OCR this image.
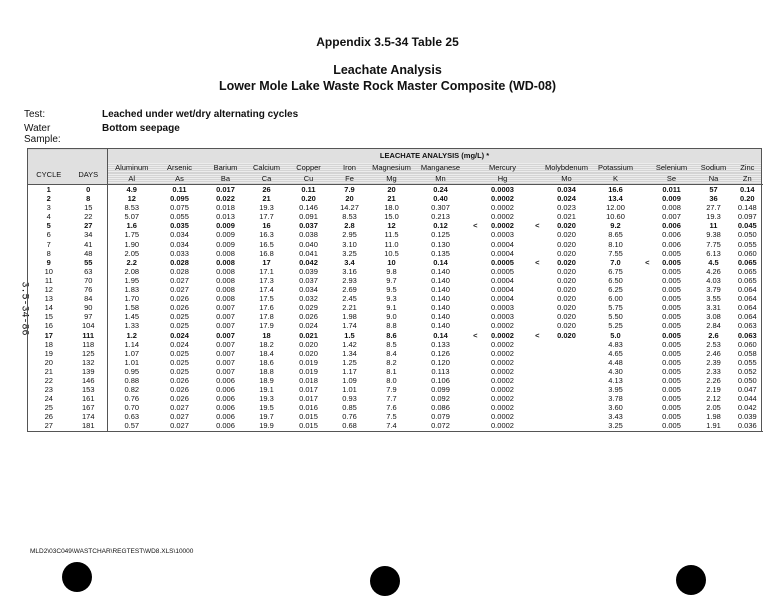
Appendix 3.5-34 Table 25
Leachate Analysis
Lower Mole Lake Waste Rock Master Composite (WD-08)
Test:	Leached under wet/dry alternating cycles
Water Sample:
Bottom seepage
3.5-34-86
CYCLE	DAYS	LEACHATE ANALYSIS (mg/L) *																
		Aluminum	Arsenic	Barium	Calcium	Copper	Iron	Magnesium	Manganese		Mercury		Molybdenum	Potassium		Selenium	Sodium	Zinc
		Al	As	Ba	Ca	Cu	Fe	Mg	Mn		Hg		Mo	K		Se	Na	Zn
1	0	4.9	0.11	0.017	26	0.11	7.9	20	0.24		0.0003		0.034	16.6		0.011	57	0.14
2	8	12	0.095	0.022	21	0.20	20	21	0.40		0.0002		0.024	13.4		0.009	36	0.20
3	15	8.53	0.075	0.018	19.3	0.146	14.27	18.0	0.307		0.0002		0.023	12.00		0.008	27.7	0.148
4	22	5.07	0.055	0.013	17.7	0.091	8.53	15.0	0.213		0.0002		0.021	10.60		0.007	19.3	0.097
5	27	1.6	0.035	0.009	16	0.037	2.8	12	0.12	<	0.0002	<	0.020	9.2		0.006	11	0.045
6	34	1.75	0.034	0.009	16.3	0.038	2.95	11.5	0.125		0.0003		0.020	8.65		0.006	9.38	0.050
7	41	1.90	0.034	0.009	16.5	0.040	3.10	11.0	0.130		0.0004		0.020	8.10		0.006	7.75	0.055
8	48	2.05	0.033	0.008	16.8	0.041	3.25	10.5	0.135		0.0004		0.020	7.55		0.005	6.13	0.060
9	55	2.2	0.028	0.008	17	0.042	3.4	10	0.14		0.0005	<	0.020	7.0	<	0.005	4.5	0.065
10	63	2.08	0.028	0.008	17.1	0.039	3.16	9.8	0.140		0.0005		0.020	6.75		0.005	4.26	0.065
11	70	1.95	0.027	0.008	17.3	0.037	2.93	9.7	0.140		0.0004		0.020	6.50		0.005	4.03	0.065
12	76	1.83	0.027	0.008	17.4	0.034	2.69	9.5	0.140		0.0004		0.020	6.25		0.005	3.79	0.064
13	84	1.70	0.026	0.008	17.5	0.032	2.45	9.3	0.140		0.0004		0.020	6.00		0.005	3.55	0.064
14	90	1.58	0.026	0.007	17.6	0.029	2.21	9.1	0.140		0.0003		0.020	5.75		0.005	3.31	0.064
15	97	1.45	0.025	0.007	17.8	0.026	1.98	9.0	0.140		0.0003		0.020	5.50		0.005	3.08	0.064
16	104	1.33	0.025	0.007	17.9	0.024	1.74	8.8	0.140		0.0002		0.020	5.25		0.005	2.84	0.063
17	111	1.2	0.024	0.007	18	0.021	1.5	8.6	0.14	<	0.0002	<	0.020	5.0		0.005	2.6	0.063
18	118	1.14	0.024	0.007	18.2	0.020	1.42	8.5	0.133		0.0002			4.83		0.005	2.53	0.060
19	125	1.07	0.025	0.007	18.4	0.020	1.34	8.4	0.126		0.0002			4.65		0.005	2.46	0.058
20	132	1.01	0.025	0.007	18.6	0.019	1.25	8.2	0.120		0.0002			4.48		0.005	2.39	0.055
21	139	0.95	0.025	0.007	18.8	0.019	1.17	8.1	0.113		0.0002			4.30		0.005	2.33	0.052
22	146	0.88	0.026	0.006	18.9	0.018	1.09	8.0	0.106		0.0002			4.13		0.005	2.26	0.050
23	153	0.82	0.026	0.006	19.1	0.017	1.01	7.9	0.099		0.0002			3.95		0.005	2.19	0.047
24	161	0.76	0.026	0.006	19.3	0.017	0.93	7.7	0.092		0.0002			3.78		0.005	2.12	0.044
25	167	0.70	0.027	0.006	19.5	0.016	0.85	7.6	0.086		0.0002			3.60		0.005	2.05	0.042
26	174	0.63	0.027	0.006	19.7	0.015	0.76	7.5	0.079		0.0002			3.43		0.005	1.98	0.039
27	181	0.57	0.027	0.006	19.9	0.015	0.68	7.4	0.072		0.0002			3.25		0.005	1.91	0.036
MLD2\03C049\WASTCHAR\REGTEST\WD8.XLS\10000
